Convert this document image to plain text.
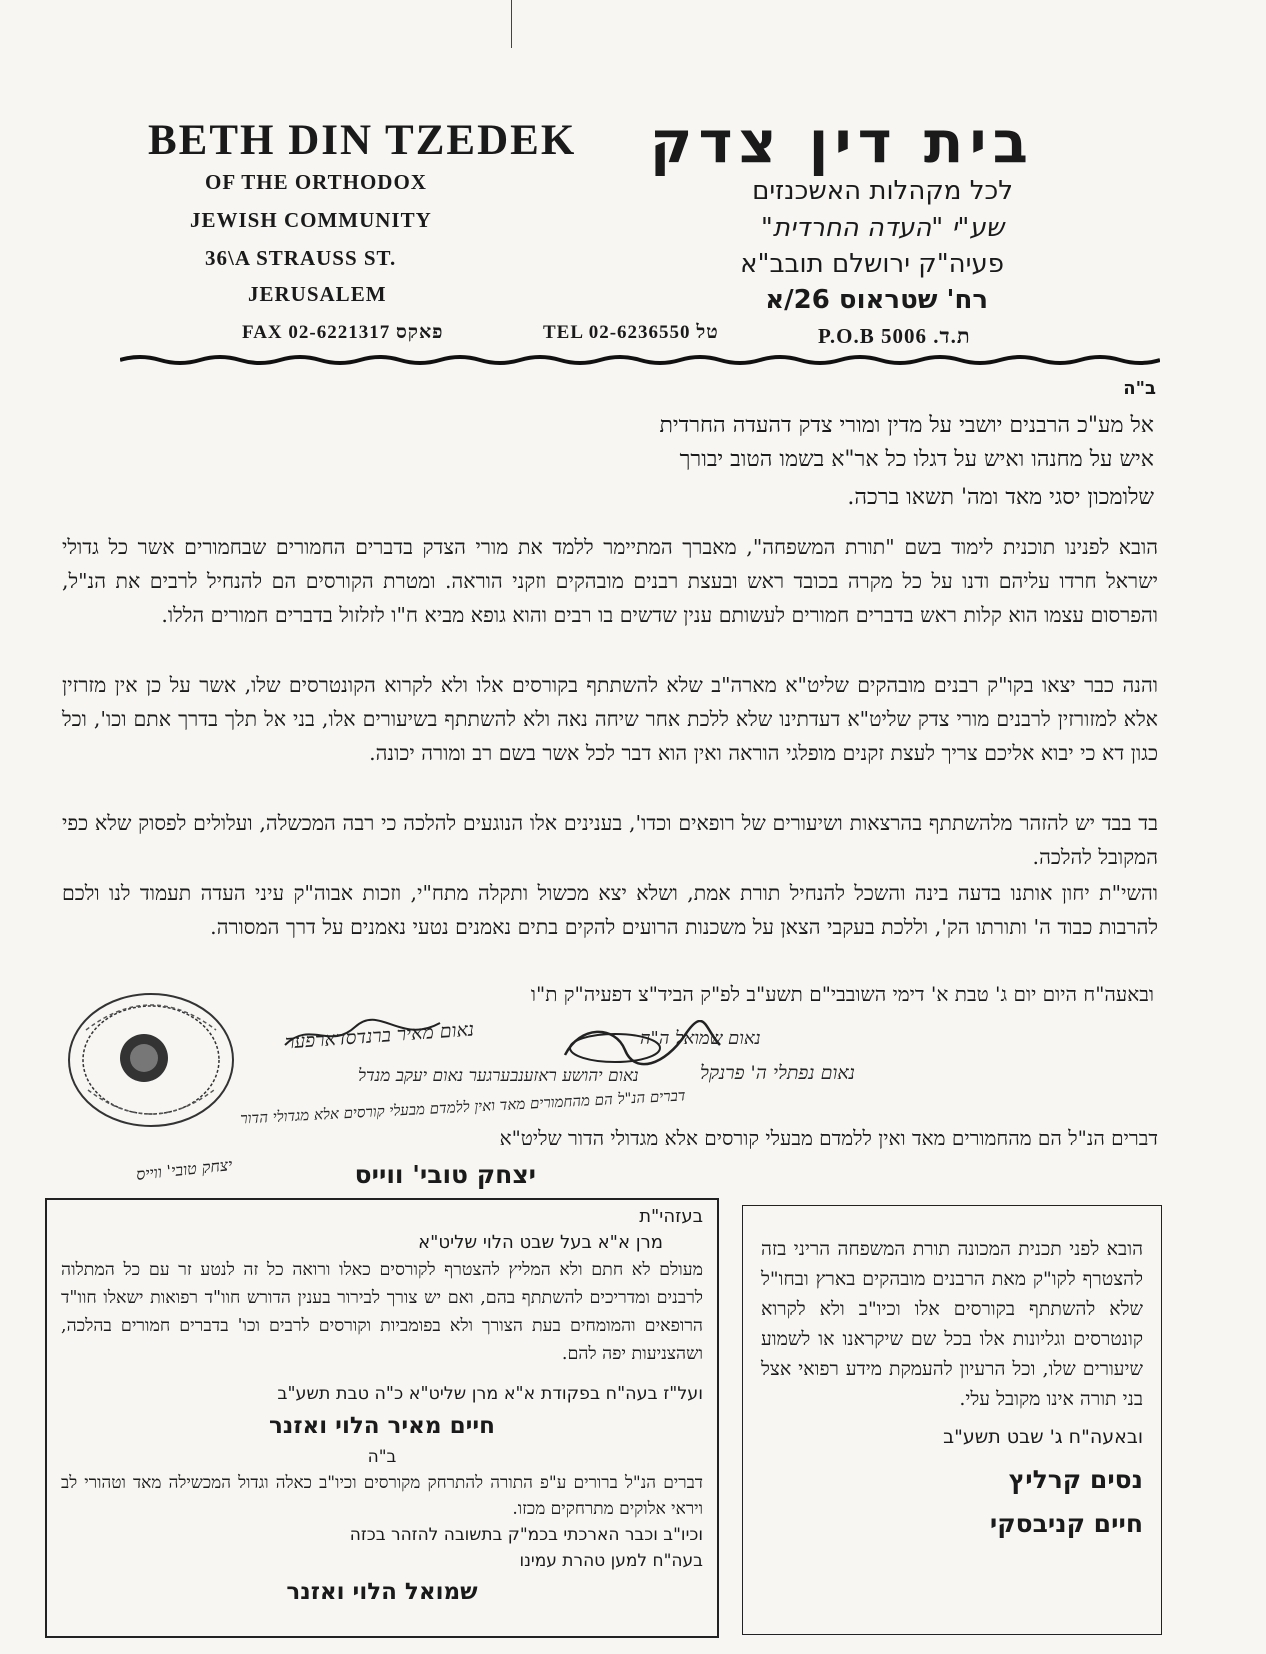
BETH DIN TZEDEK
OF THE ORTHODOX
JEWISH COMMUNITY
36\A STRAUSS ST.
JERUSALEM
בית דין צדק
לכל מקהלות האשכנזים
שע"י "העדה החרדית"
פעיה"ק ירושלם תובב"א
רח' שטראוס 26/א
FAX 02-6221317 פאקס	TEL 02-6236550 טל	P.O.B 5006 .ת.ד
ב"ה
אל מע"כ הרבנים יושבי על מדין ומורי צדק דהעדה החרדית
איש על מחנהו ואיש על דגלו כל אר"א בשמו הטוב יבורך
שלומכון יסגי מאד ומה' תשאו ברכה.
הובא לפנינו תוכנית לימוד בשם "תורת המשפחה", מאברך המתיימר ללמד את מורי הצדק בדברים החמורים שבחמורים אשר כל גדולי ישראל חרדו עליהם ודנו על כל מקרה בכובד ראש ובעצת רבנים מובהקים וזקני הוראה. ומטרת הקורסים הם להנחיל לרבים את הנ"ל, והפרסום עצמו הוא קלות ראש בדברים חמורים לעשותם ענין שדשים בו רבים והוא גופא מביא ח"ו לזלזול בדברים חמורים הללו.
והנה כבר יצאו בקו"ק רבנים מובהקים שליט"א מארה"ב שלא להשתתף בקורסים אלו ולא לקרוא הקונטרסים שלו, אשר על כן אין מזרזין אלא למזורזין לרבנים מורי צדק שליט"א דעדתינו שלא ללכת אחר שיחה נאה ולא להשתתף בשיעורים אלו, בני אל תלך בדרך אתם וכו', וכל כגון דא כי יבוא אליכם צריך לעצת זקנים מופלגי הוראה ואין הוא דבר לכל אשר בשם רב ומורה יכונה.
בד בבד יש להזהר מלהשתתף בהרצאות ושיעורים של רופאים וכדו', בענינים אלו הנוגעים להלכה כי רבה המכשלה, ועלולים לפסוק שלא כפי המקובל להלכה.
והשי"ת יחון אותנו בדעה בינה והשכל להנחיל תורת אמת, ושלא יצא מכשול ותקלה מתח"י, וזכות אבוה"ק עיני העדה תעמוד לנו ולכם להרבות כבוד ה' ותורתו הק', וללכת בעקבי הצאן על משכנות הרועים להקים בתים נאמנים נטעי נאמנים על דרך המסורה.
ובאעה"ח היום יום ג' טבת א' דימי השובבי"ם תשע"ב לפ"ק הביד"צ דפעיה"ק ת"ו
נאום מאיר ברנדסדארפער	נאום שמואל ה"ה
נאום יהושע ראזענבערגער נאום יעקב מנדל	נאום נפתלי ה' פרנקל
דברים הנ"ל הם מהחמורים מאד ואין ללמדם מבעלי קורסים אלא מגדולי הדור
דברים הנ"ל הם מהחמורים מאד ואין ללמדם מבעלי קורסים אלא מגדולי הדור שליט"א
יצחק טובי' ווייס
יצחק טובי' ווייס
בעזהי"ת
מרן א"א בעל שבט הלוי שליט"א
מעולם לא חתם ולא המליץ להצטרף לקורסים כאלו ורואה כל זה לנטע זר עם כל המתלוה לרבנים ומדריכים להשתתף בהם, ואם יש צורך לבירור בענין הדורש חוו"ד רפואות ישאלו חוו"ד הרופאים והמומחים בעת הצורך ולא בפומביות וקורסים לרבים וכו' בדברים חמורים בהלכה, ושהצניעות יפה להם.
ועל"ז בעה"ח בפקודת א"א מרן שליט"א כ"ה טבת תשע"ב
חיים מאיר הלוי ואזנר
ב"ה
דברים הנ"ל ברורים ע"פ התורה להתרחק מקורסים וכיו"ב כאלה וגדול המכשילה מאד וטהורי לב ויראי אלוקים מתרחקים מכזו.
וכיו"ב וכבר הארכתי בכמ"ק בתשובה להזהר בכזה
בעה"ח למען טהרת עמינו
שמואל הלוי ואזנר
הובא לפני תכנית המכונה תורת המשפחה הריני בזה להצטרף לקו"ק מאת הרבנים מובהקים בארץ ובחו"ל שלא להשתתף בקורסים אלו וכיו"ב ולא לקרוא קונטרסים וגליונות אלו בכל שם שיקראנו או לשמוע שיעורים שלו, וכל הרעיון להעמקת מידע רפואי אצל בני תורה אינו מקובל עלי.
ובאעה"ח ג' שבט תשע"ב
נסים קרליץ
חיים קניבסקי
